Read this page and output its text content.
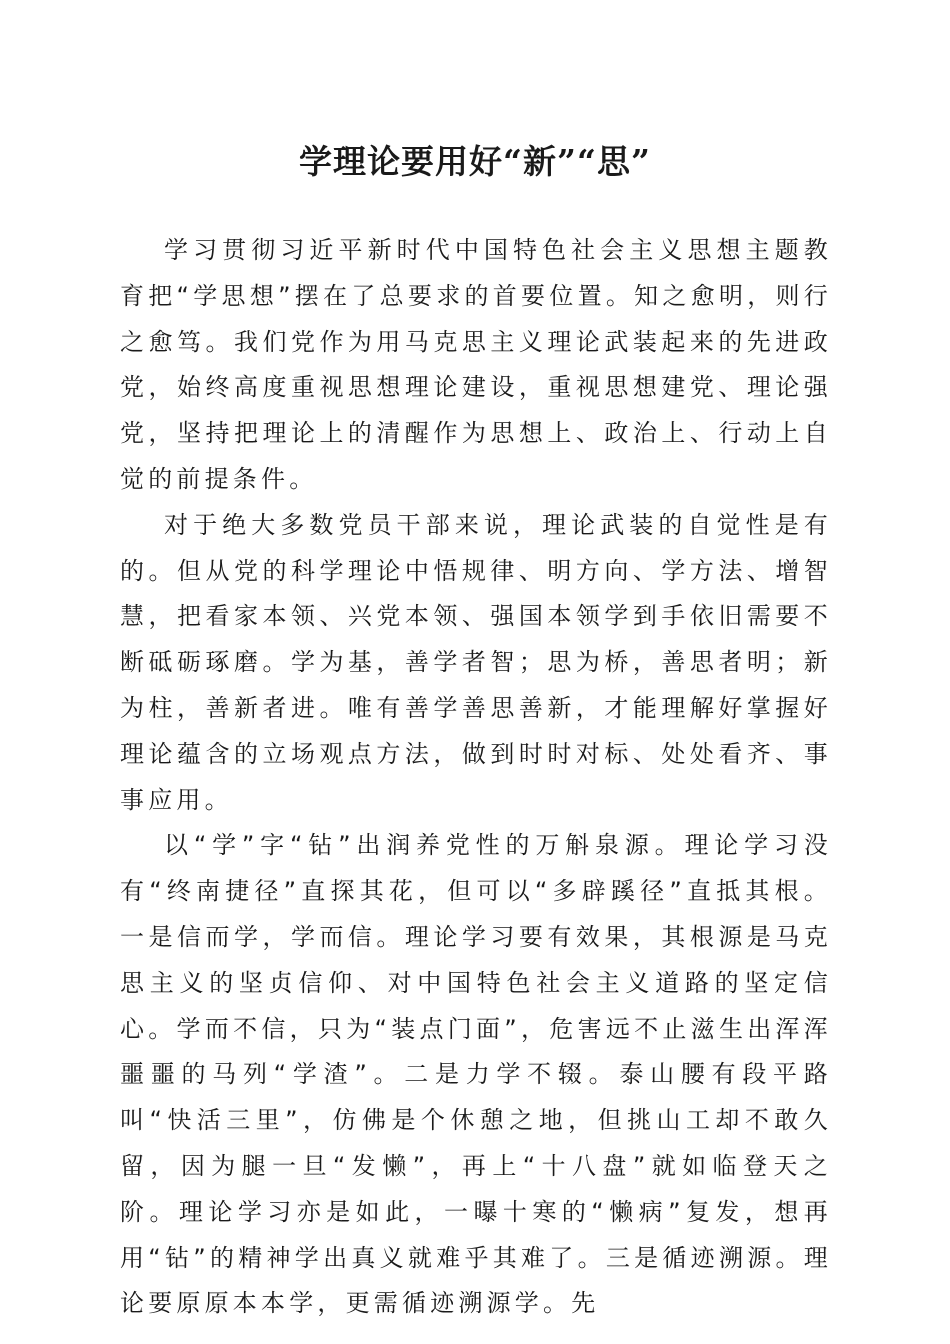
学理论要用好“新”“思”

学习贯彻习近平新时代中国特色社会主义思想主题教育把“学思想”摆在了总要求的首要位置。知之愈明，则行之愈笃。我们党作为用马克思主义理论武装起来的先进政党，始终高度重视思想理论建设，重视思想建党、理论强党，坚持把理论上的清醒作为思想上、政治上、行动上自觉的前提条件。

对于绝大多数党员干部来说，理论武装的自觉性是有的。但从党的科学理论中悟规律、明方向、学方法、增智慧，把看家本领、兴党本领、强国本领学到手依旧需要不断砥砺琢磨。学为基，善学者智；思为桥，善思者明；新为柱，善新者进。唯有善学善思善新，才能理解好掌握好理论蕴含的立场观点方法，做到时时对标、处处看齐、事事应用。

以“学”字“钻”出润养党性的万斛泉源。理论学习没有“终南捷径”直探其花，但可以“多辟蹊径”直抵其根。一是信而学，学而信。理论学习要有效果，其根源是马克思主义的坚贞信仰、对中国特色社会主义道路的坚定信心。学而不信，只为“装点门面”，危害远不止滋生出浑浑噩噩的马列“学渣”。二是力学不辍。泰山腰有段平路叫“快活三里”，仿佛是个休憩之地，但挑山工却不敢久留，因为腿一旦“发懒”，再上“十八盘”就如临登天之阶。理论学习亦是如此，一曝十寒的“懒病”复发，想再用“钻”的精神学出真义就难乎其难了。三是循迹溯源。理论要原原本本学，更需循迹溯源学。先
